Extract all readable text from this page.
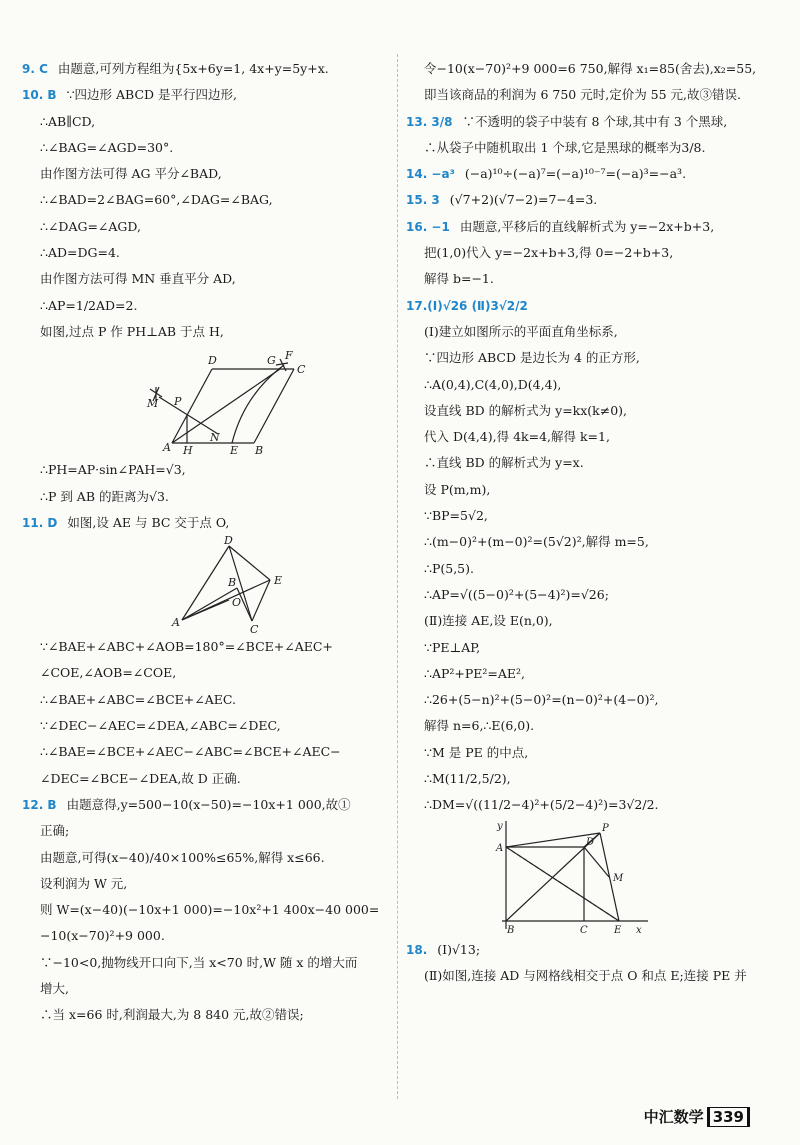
9. C 由题意,可列方程组为{5x+6y=1, 4x+y=5y+x.
10. B ∵四边形 ABCD 是平行四边形,
∴AB∥CD,
∴∠BAG=∠AGD=30°.
由作图方法可得 AG 平分∠BAD,
∴∠BAD=2∠BAG=60°,∠DAG=∠BAG,
∴∠DAG=∠AGD,
∴AD=DG=4.
由作图方法可得 MN 垂直平分 AD,
∴AP=1/2AD=2.
如图,过点 P 作 PH⊥AB 于点 H,
D	G F
C
M P
A H
N
E B
∴PH=AP·sin∠PAH=√3,
∴P 到 AB 的距离为√3.
11. D 如图,设 AE 与 BC 交于点 O,
D
E
B
O
A
C
∵∠BAE+∠ABC+∠AOB=180°=∠BCE+∠AEC+
∠COE,∠AOB=∠COE,
∴∠BAE+∠ABC=∠BCE+∠AEC.
∵∠DEC−∠AEC=∠DEA,∠ABC=∠DEC,
∴∠BAE=∠BCE+∠AEC−∠ABC=∠BCE+∠AEC−
∠DEC=∠BCE−∠DEA,故 D 正确.
12. B 由题意得,y=500−10(x−50)=−10x+1 000,故①
正确;
由题意,可得(x−40)/40×100%≤65%,解得 x≤66.
设利润为 W 元,
则 W=(x−40)(−10x+1 000)=−10x²+1 400x−40 000=
−10(x−70)²+9 000.
∵−10<0,抛物线开口向下,当 x<70 时,W 随 x 的增大而
增大,
∴当 x=66 时,利润最大,为 8 840 元,故②错误;
令−10(x−70)²+9 000=6 750,解得 x₁=85(舍去),x₂=55,
即当该商品的利润为 6 750 元时,定价为 55 元,故③错误.
13. 3/8 ∵不透明的袋子中装有 8 个球,其中有 3 个黑球,
∴从袋子中随机取出 1 个球,它是黑球的概率为3/8.
14. −a³ (−a)¹⁰÷(−a)⁷=(−a)¹⁰⁻⁷=(−a)³=−a³.
15. 3 (√7+2)(√7−2)=7−4=3.
16. −1 由题意,平移后的直线解析式为 y=−2x+b+3,
把(1,0)代入 y=−2x+b+3,得 0=−2+b+3,
解得 b=−1.
17.(Ⅰ)√26 (Ⅱ)3√2/2
(Ⅰ)建立如图所示的平面直角坐标系,
∵四边形 ABCD 是边长为 4 的正方形,
∴A(0,4),C(4,0),D(4,4),
设直线 BD 的解析式为 y=kx(k≠0),
代入 D(4,4),得 4k=4,解得 k=1,
∴直线 BD 的解析式为 y=x.
设 P(m,m),
∵BP=5√2,
∴(m−0)²+(m−0)²=(5√2)²,解得 m=5,
∴P(5,5).
∴AP=√((5−0)²+(5−4)²)=√26;
(Ⅱ)连接 AE,设 E(n,0),
∵PE⊥AP,
∴AP²+PE²=AE²,
∴26+(5−n)²+(5−0)²=(n−0)²+(4−0)²,
解得 n=6,∴E(6,0).
∵M 是 PE 的中点,
∴M(11/2,5/2),
∴DM=√((11/2−4)²+(5/2−4)²)=3√2/2.
y
A
D
P
M
B	C	E x
18. (Ⅰ)√13;
(Ⅱ)如图,连接 AD 与网格线相交于点 O 和点 E;连接 PE 并
中汇数学 339
